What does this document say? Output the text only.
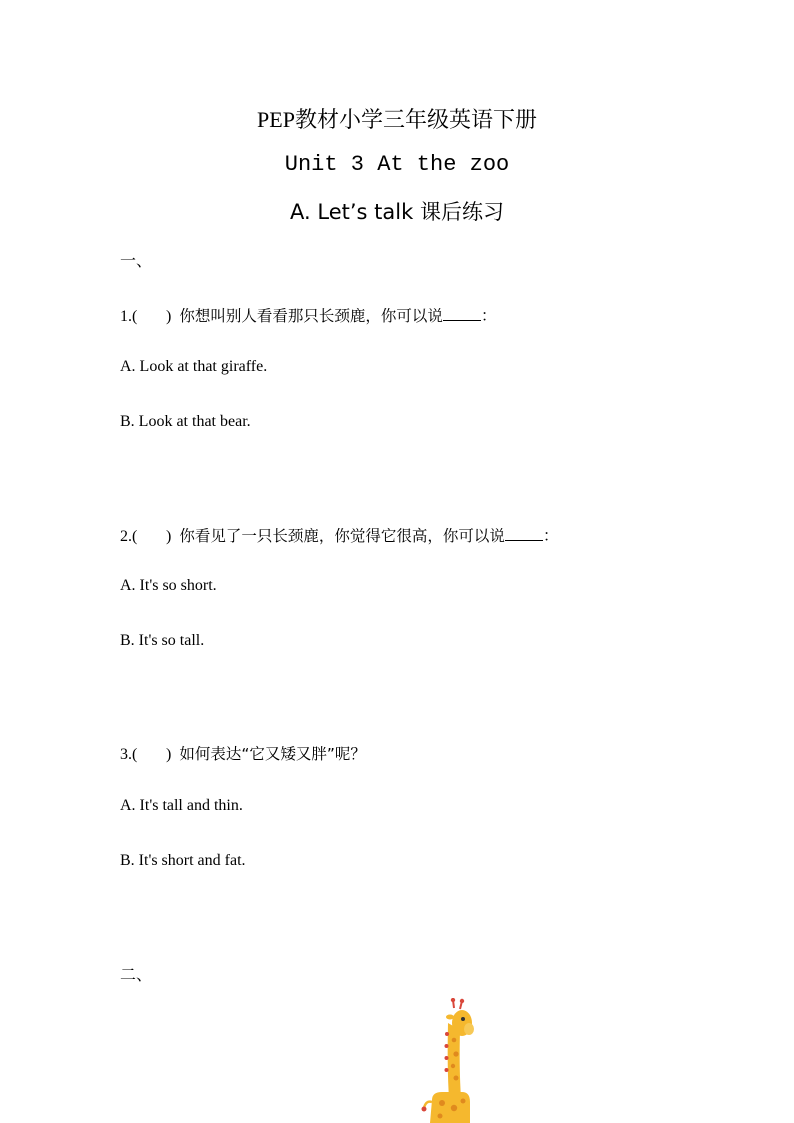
PEP教材小学三年级英语下册
Unit 3 At the zoo
A. Let’s talk 课后练习
一、
1.( ) 你想叫别人看看那只长颈鹿，你可以说 ：
A. Look at that giraffe.
B. Look at that bear.
2.( ) 你看见了一只长颈鹿，你觉得它很高，你可以说 ：
A. It's so short.
B. It's so tall.
3.( ) 如何表达“它又矮又胖”呢？
A. It's tall and thin.
B. It's short and fat.
二、
